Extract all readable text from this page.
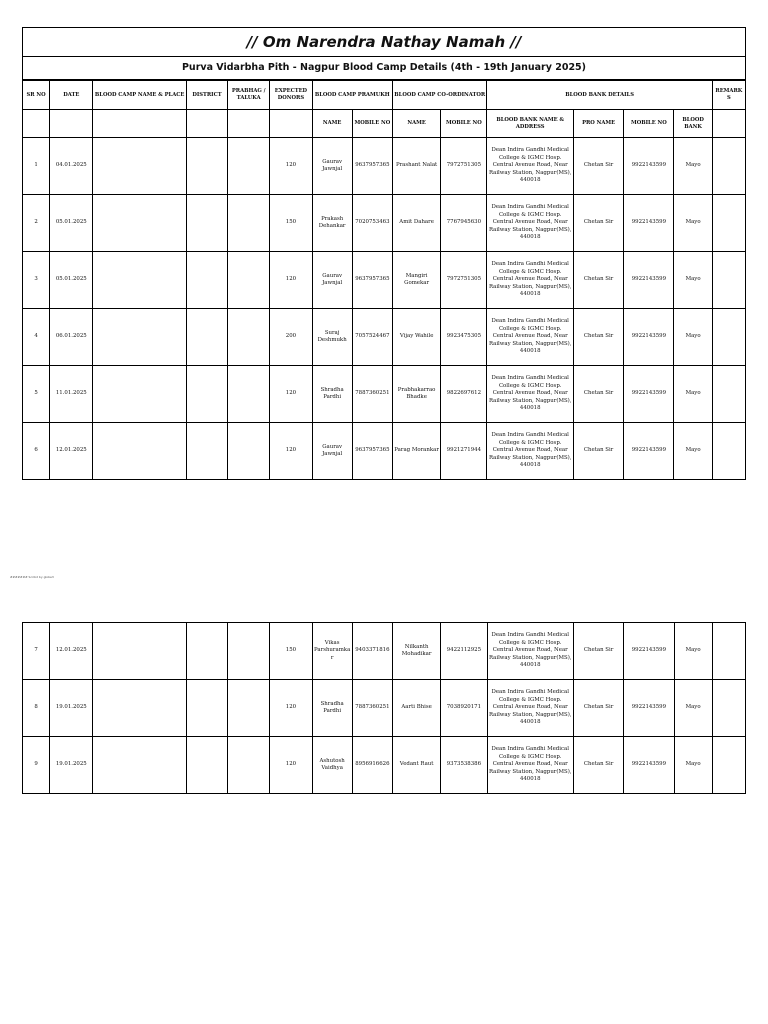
// Om Narendra Nathay Namah //
Purva Vidarbha Pith - Nagpur Blood Camp Details (4th - 19th January 2025)
SR NO	DATE	BLOOD CAMP NAME & PLACE	DISTRICT	PRABHAG / TALUKA	EXPECTED DONORS	BLOOD CAMP PRAMUKH		BLOOD CAMP CO-ORDINATOR		BLOOD BANK DETAILS				REMARKS
						NAME	MOBILE NO	NAME	MOBILE NO	BLOOD BANK NAME & ADDRESS	PRO NAME	MOBILE NO	BLOOD BANK	
1	04.01.2025				120	Gaurav Jawnjal	9637957365	Prashant Nalat	7972751305	Dean Indira Gandhi Medical College & IGMC Hosp. Central Avenue Road, Near Railway Station, Nagpur(MS), 440018	Chetan Sir	9922143599	Mayo	
2	05.01.2025				150	Prakash Dehankar	7020753463	Amit Dahare	7767945630	Dean Indira Gandhi Medical College & IGMC Hosp. Central Avenue Road, Near Railway Station, Nagpur(MS), 440018	Chetan Sir	9922143599	Mayo	
3	05.01.2025				120	Gaurav Jawnjal	9637957365	Mangiri Gomekar	7972751305	Dean Indira Gandhi Medical College & IGMC Hosp. Central Avenue Road, Near Railway Station, Nagpur(MS), 440018	Chetan Sir	9922143599	Mayo	
4	06.01.2025				200	Suraj Deshmukh	7057524467	Vijay Wahile	9923475305	Dean Indira Gandhi Medical College & IGMC Hosp. Central Avenue Road, Near Railway Station, Nagpur(MS), 440018	Chetan Sir	9922143599	Mayo	
5	11.01.2025				120	Shradha Pardhi	7887360251	Prabhakarrao Bhadke	9822697612	Dean Indira Gandhi Medical College & IGMC Hosp. Central Avenue Road, Near Railway Station, Nagpur(MS), 440018	Chetan Sir	9922143599	Mayo	
6	12.01.2025				120	Gaurav Jawnjal	9637957365	Parag Morankar	9921271944	Dean Indira Gandhi Medical College & IGMC Hosp. Central Avenue Road, Near Railway Station, Nagpur(MS), 440018	Chetan Sir	9922143599	Mayo	
####### Scribd by globe3
7	12.01.2025				150	Vikas Parshuramkar	9403371816	Nilkanth Mohadikar	9422112925	Dean Indira Gandhi Medical College & IGMC Hosp. Central Avenue Road, Near Railway Station, Nagpur(MS), 440018	Chetan Sir	9922143599	Mayo	
8	19.01.2025				120	Shradha Pardhi	7887360251	Aarti Bhise	7038920171	Dean Indira Gandhi Medical College & IGMC Hosp. Central Avenue Road, Near Railway Station, Nagpur(MS), 440018	Chetan Sir	9922143599	Mayo	
9	19.01.2025				120	Ashutosh Vaidhya	8956916626	Vedant Raut	9373538386	Dean Indira Gandhi Medical College & IGMC Hosp. Central Avenue Road, Near Railway Station, Nagpur(MS), 440018	Chetan Sir	9922143599	Mayo	
